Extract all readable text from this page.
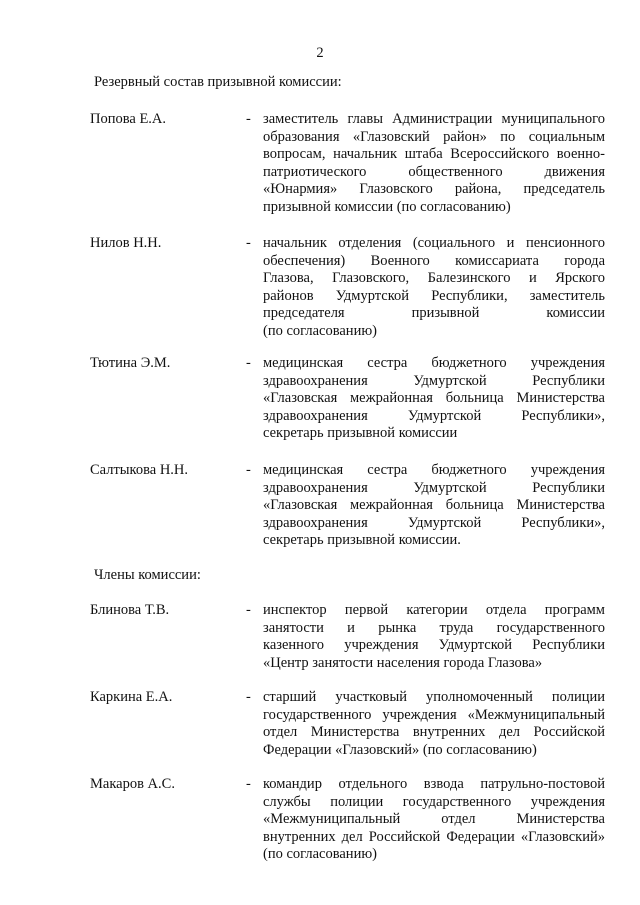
2
Резервный состав призывной комиссии:
Попова Е.А.	- заместитель главы Администрации муниципального
образования «Глазовский район» по социальным
вопросам, начальник штаба Всероссийского военно-
патриотического общественного движения
«Юнармия» Глазовского района, председатель
призывной комиссии (по согласованию)
Нилов Н.Н.	- начальник отделения (социального и пенсионного
обеспечения) Военного комиссариата города
Глазова, Глазовского, Балезинского и Ярского
районов Удмуртской Республики, заместитель
председателя призывной комиссии
(по согласованию)
Тютина Э.М.	- медицинская сестра бюджетного учреждения
здравоохранения Удмуртской Республики
«Глазовская межрайонная больница Министерства
здравоохранения Удмуртской Республики»,
секретарь призывной комиссии
Салтыкова Н.Н.	- медицинская сестра бюджетного учреждения
здравоохранения Удмуртской Республики
«Глазовская межрайонная больница Министерства
здравоохранения Удмуртской Республики»,
секретарь призывной комиссии.
Члены комиссии:
Блинова Т.В.	- инспектор первой категории отдела программ
занятости и рынка труда государственного
казенного учреждения Удмуртской Республики
«Центр занятости населения города Глазова»
Каркина Е.А.	- старший участковый уполномоченный полиции
государственного учреждения «Межмуниципальный
отдел Министерства внутренних дел Российской
Федерации «Глазовский» (по согласованию)
Макаров А.С.	- командир отдельного взвода патрульно-постовой
службы полиции государственного учреждения
«Межмуниципальный отдел Министерства
внутренних дел Российской Федерации «Глазовский»
(по согласованию)
